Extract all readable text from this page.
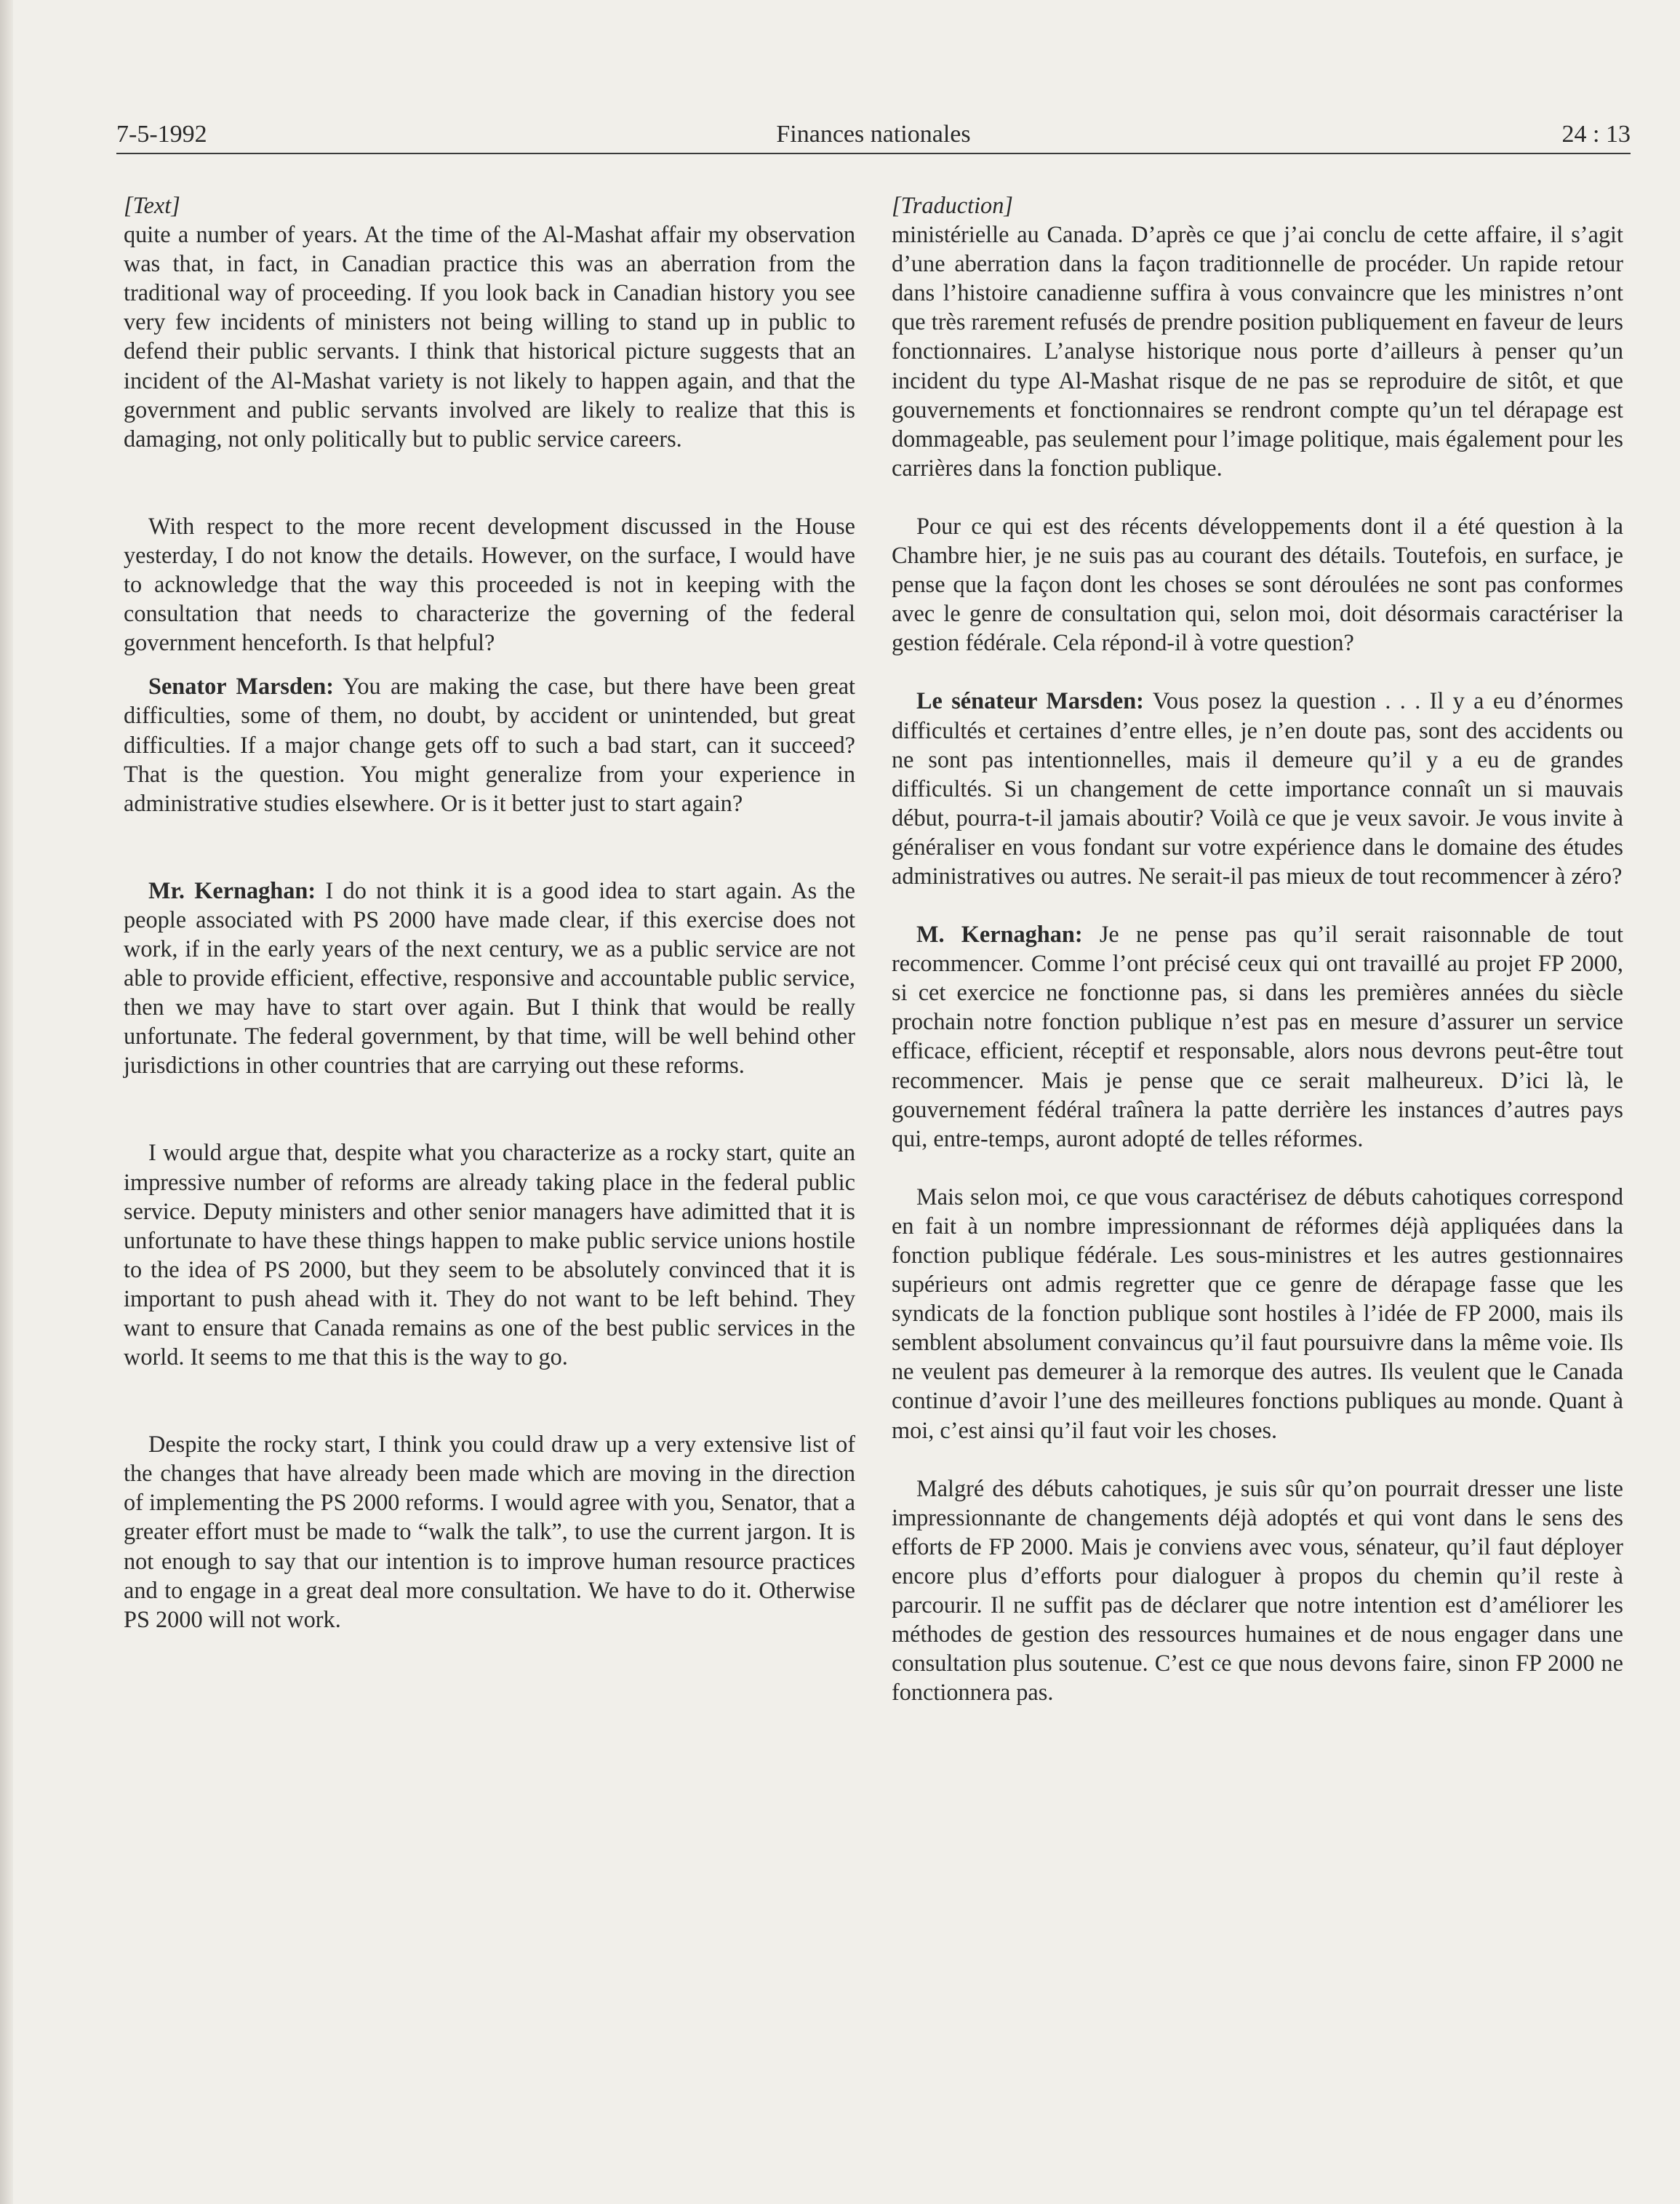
7-5-1992	Finances nationales	24 : 13

[Text]

quite a number of years. At the time of the Al-Mashat affair my observation was that, in fact, in Canadian practice this was an aberration from the traditional way of proceeding. If you look back in Canadian history you see very few incidents of ministers not being willing to stand up in public to defend their public servants. I think that historical picture suggests that an incident of the Al-Mashat variety is not likely to happen again, and that the government and public servants involved are likely to realize that this is damaging, not only politically but to public service careers.

With respect to the more recent development discussed in the House yesterday, I do not know the details. However, on the surface, I would have to acknowledge that the way this proceeded is not in keeping with the consultation that needs to characterize the governing of the federal government henceforth. Is that helpful?

Senator Marsden: You are making the case, but there have been great difficulties, some of them, no doubt, by accident or unintended, but great difficulties. If a major change gets off to such a bad start, can it succeed? That is the question. You might generalize from your experience in administrative studies elsewhere. Or is it better just to start again?

Mr. Kernaghan: I do not think it is a good idea to start again. As the people associated with PS 2000 have made clear, if this exercise does not work, if in the early years of the next century, we as a public service are not able to provide efficient, effective, responsive and accountable public service, then we may have to start over again. But I think that would be really unfortunate. The federal government, by that time, will be well behind other jurisdictions in other countries that are carrying out these reforms.

I would argue that, despite what you characterize as a rocky start, quite an impressive number of reforms are already taking place in the federal public service. Deputy ministers and other senior managers have adimitted that it is unfortunate to have these things happen to make public service unions hostile to the idea of PS 2000, but they seem to be absolutely convinced that it is important to push ahead with it. They do not want to be left behind. They want to ensure that Canada remains as one of the best public services in the world. It seems to me that this is the way to go.

Despite the rocky start, I think you could draw up a very extensive list of the changes that have already been made which are moving in the direction of implementing the PS 2000 reforms. I would agree with you, Senator, that a greater effort must be made to “walk the talk”, to use the current jargon. It is not enough to say that our intention is to improve human resource practices and to engage in a great deal more consultation. We have to do it. Otherwise PS 2000 will not work.

[Traduction]

ministérielle au Canada. D’après ce que j’ai conclu de cette affaire, il s’agit d’une aberration dans la façon traditionnelle de procéder. Un rapide retour dans l’histoire canadienne suffira à vous convaincre que les ministres n’ont que très rarement refusés de prendre position publiquement en faveur de leurs fonctionnaires. L’analyse historique nous porte d’ailleurs à penser qu’un incident du type Al-Mashat risque de ne pas se reproduire de sitôt, et que gouvernements et fonctionnaires se rendront compte qu’un tel dérapage est dommageable, pas seulement pour l’image politique, mais également pour les carrières dans la fonction publique.

Pour ce qui est des récents développements dont il a été question à la Chambre hier, je ne suis pas au courant des détails. Toutefois, en surface, je pense que la façon dont les choses se sont déroulées ne sont pas conformes avec le genre de consultation qui, selon moi, doit désormais caractériser la gestion fédérale. Cela répond-il à votre question?

Le sénateur Marsden: Vous posez la question . . . Il y a eu d’énormes difficultés et certaines d’entre elles, je n’en doute pas, sont des accidents ou ne sont pas intentionnelles, mais il demeure qu’il y a eu de grandes difficultés. Si un changement de cette importance connaît un si mauvais début, pourra-t-il jamais aboutir? Voilà ce que je veux savoir. Je vous invite à généraliser en vous fondant sur votre expérience dans le domaine des études administratives ou autres. Ne serait-il pas mieux de tout recommencer à zéro?

M. Kernaghan: Je ne pense pas qu’il serait raisonnable de tout recommencer. Comme l’ont précisé ceux qui ont travaillé au projet FP 2000, si cet exercice ne fonctionne pas, si dans les premières années du siècle prochain notre fonction publique n’est pas en mesure d’assurer un service efficace, efficient, réceptif et responsable, alors nous devrons peut-être tout recommencer. Mais je pense que ce serait malheureux. D’ici là, le gouvernement fédéral traînera la patte derrière les instances d’autres pays qui, entre-temps, auront adopté de telles réformes.

Mais selon moi, ce que vous caractérisez de débuts cahotiques correspond en fait à un nombre impressionnant de réformes déjà appliquées dans la fonction publique fédérale. Les sous-ministres et les autres gestionnaires supérieurs ont admis regretter que ce genre de dérapage fasse que les syndicats de la fonction publique sont hostiles à l’idée de FP 2000, mais ils semblent absolument convaincus qu’il faut poursuivre dans la même voie. Ils ne veulent pas demeurer à la remorque des autres. Ils veulent que le Canada continue d’avoir l’une des meilleures fonctions publiques au monde. Quant à moi, c’est ainsi qu’il faut voir les choses.

Malgré des débuts cahotiques, je suis sûr qu’on pourrait dresser une liste impressionnante de changements déjà adoptés et qui vont dans le sens des efforts de FP 2000. Mais je conviens avec vous, sénateur, qu’il faut déployer encore plus d’efforts pour dialoguer à propos du chemin qu’il reste à parcourir. Il ne suffit pas de déclarer que notre intention est d’améliorer les méthodes de gestion des ressources humaines et de nous engager dans une consultation plus soutenue. C’est ce que nous devons faire, sinon FP 2000 ne fonctionnera pas.
